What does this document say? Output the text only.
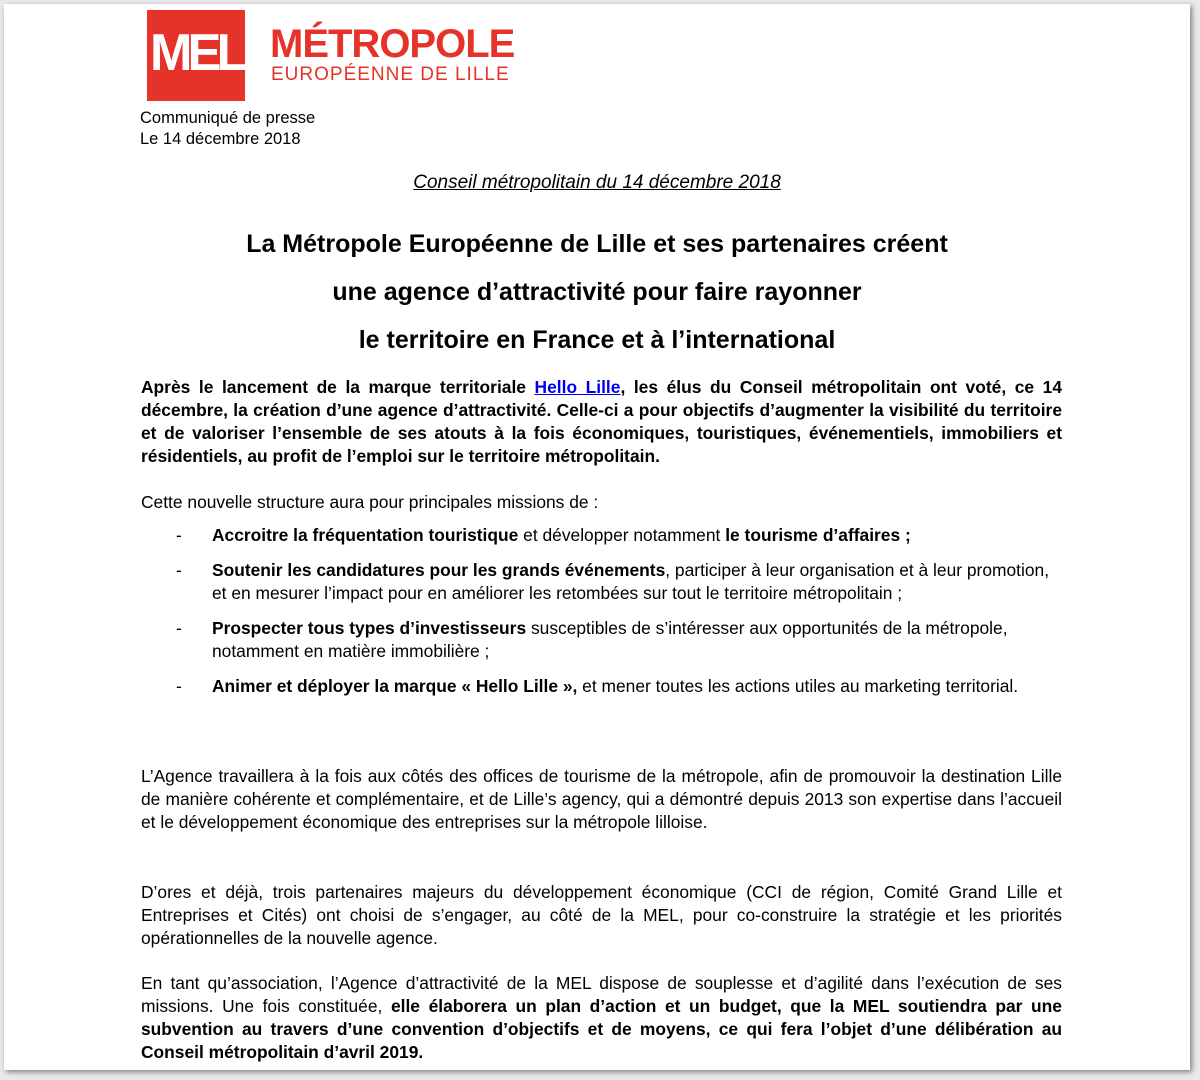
MEL MÉTROPOLE
EUROPÉENNE DE LILLE
Communiqué de presse
Le 14 décembre 2018
Conseil métropolitain du 14 décembre 2018
La Métropole Européenne de Lille et ses partenaires créent
une agence d’attractivité pour faire rayonner
le territoire en France et à l’international
Après le lancement de la marque territoriale Hello Lille, les élus du Conseil métropolitain ont voté, ce 14 décembre, la création d’une agence d’attractivité. Celle-ci a pour objectifs d’augmenter la visibilité du territoire et de valoriser l’ensemble de ses atouts à la fois économiques, touristiques, événementiels, immobiliers et résidentiels, au profit de l’emploi sur le territoire métropolitain.
Cette nouvelle structure aura pour principales missions de :
- Accroitre la fréquentation touristique et développer notamment le tourisme d’affaires ;
- Soutenir les candidatures pour les grands événements, participer à leur organisation et à leur promotion, et en mesurer l’impact pour en améliorer les retombées sur tout le territoire métropolitain ;
- Prospecter tous types d’investisseurs susceptibles de s’intéresser aux opportunités de la métropole, notamment en matière immobilière ;
- Animer et déployer la marque « Hello Lille », et mener toutes les actions utiles au marketing territorial.
L’Agence travaillera à la fois aux côtés des offices de tourisme de la métropole, afin de promouvoir la destination Lille de manière cohérente et complémentaire, et de Lille’s agency, qui a démontré depuis 2013 son expertise dans l’accueil et le développement économique des entreprises sur la métropole lilloise.
D’ores et déjà, trois partenaires majeurs du développement économique (CCI de région, Comité Grand Lille et Entreprises et Cités) ont choisi de s’engager, au côté de la MEL, pour co-construire la stratégie et les priorités opérationnelles de la nouvelle agence.
En tant qu’association, l’Agence d’attractivité de la MEL dispose de souplesse et d’agilité dans l’exécution de ses missions. Une fois constituée, elle élaborera un plan d’action et un budget, que la MEL soutiendra par une subvention au travers d’une convention d’objectifs et de moyens, ce qui fera l’objet d’une délibération au Conseil métropolitain d’avril 2019.
